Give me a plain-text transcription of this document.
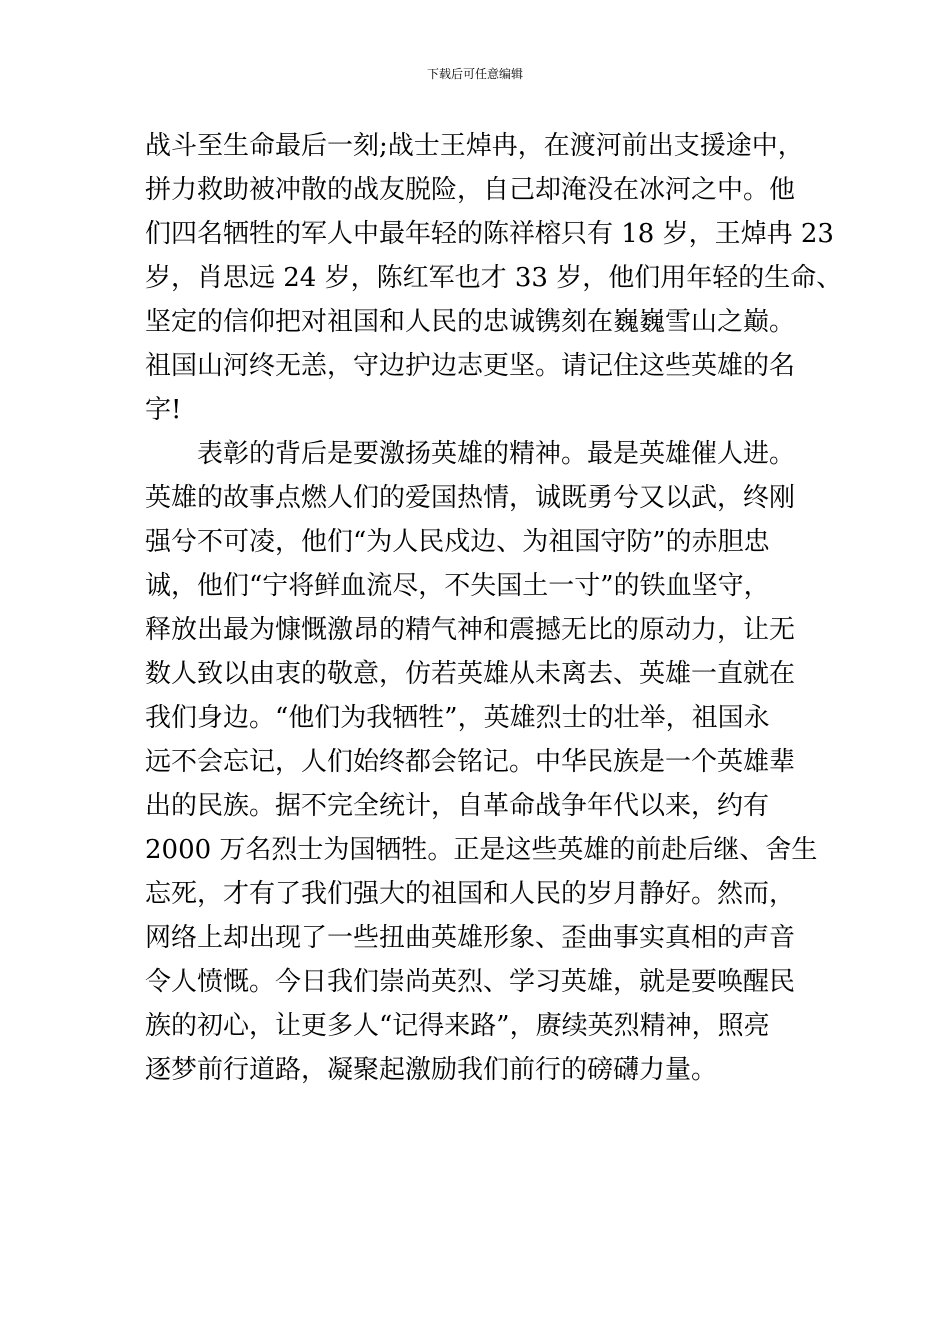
下载后可任意编辑
战斗至生命最后一刻;战士王焯冉，在渡河前出支援途中，
拼力救助被冲散的战友脱险，自己却淹没在冰河之中。他
们四名牺牲的军人中最年轻的陈祥榕只有 18 岁，王焯冉 23
岁，肖思远 24 岁，陈红军也才 33 岁，他们用年轻的生命、
坚定的信仰把对祖国和人民的忠诚镌刻在巍巍雪山之巅。
祖国山河终无恙，守边护边志更坚。请记住这些英雄的名
字!
表彰的背后是要激扬英雄的精神。最是英雄催人进。
英雄的故事点燃人们的爱国热情，诚既勇兮又以武，终刚
强兮不可凌，他们“为人民戍边、为祖国守防”的赤胆忠
诚，他们“宁将鲜血流尽，不失国土一寸”的铁血坚守，
释放出最为慷慨激昂的精气神和震撼无比的原动力，让无
数人致以由衷的敬意，仿若英雄从未离去、英雄一直就在
我们身边。“他们为我牺牲”，英雄烈士的壮举，祖国永
远不会忘记，人们始终都会铭记。中华民族是一个英雄辈
出的民族。据不完全统计，自革命战争年代以来，约有
2000 万名烈士为国牺牲。正是这些英雄的前赴后继、舍生
忘死，才有了我们强大的祖国和人民的岁月静好。然而，
网络上却出现了一些扭曲英雄形象、歪曲事实真相的声音
令人愤慨。今日我们崇尚英烈、学习英雄，就是要唤醒民
族的初心，让更多人“记得来路”，赓续英烈精神，照亮
逐梦前行道路，凝聚起激励我们前行的磅礴力量。
